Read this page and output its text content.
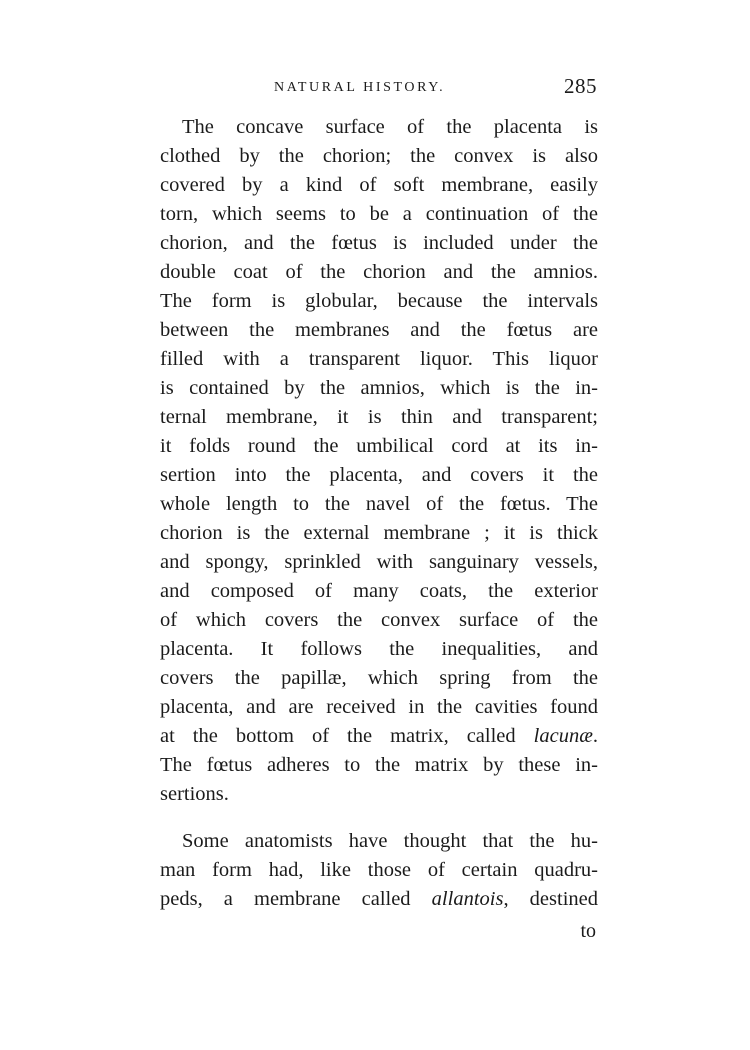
NATURAL HISTORY.	285
The concave surface of the placenta is
clothed by the chorion; the convex is also
covered by a kind of soft membrane, easily
torn, which seems to be a continuation of the
chorion, and the fœtus is included under the
double coat of the chorion and the amnios.
The form is globular, because the intervals
between the membranes and the fœtus are
filled with a transparent liquor. This liquor
is contained by the amnios, which is the in-
ternal membrane, it is thin and transparent;
it folds round the umbilical cord at its in-
sertion into the placenta, and covers it the
whole length to the navel of the fœtus. The
chorion is the external membrane ; it is thick
and spongy, sprinkled with sanguinary vessels,
and composed of many coats, the exterior
of which covers the convex surface of the
placenta. It follows the inequalities, and
covers the papillæ, which spring from the
placenta, and are received in the cavities found
at the bottom of the matrix, called lacunæ.
The fœtus adheres to the matrix by these in-
sertions.
Some anatomists have thought that the hu-
man form had, like those of certain quadru-
peds, a membrane called allantois, destined
to
